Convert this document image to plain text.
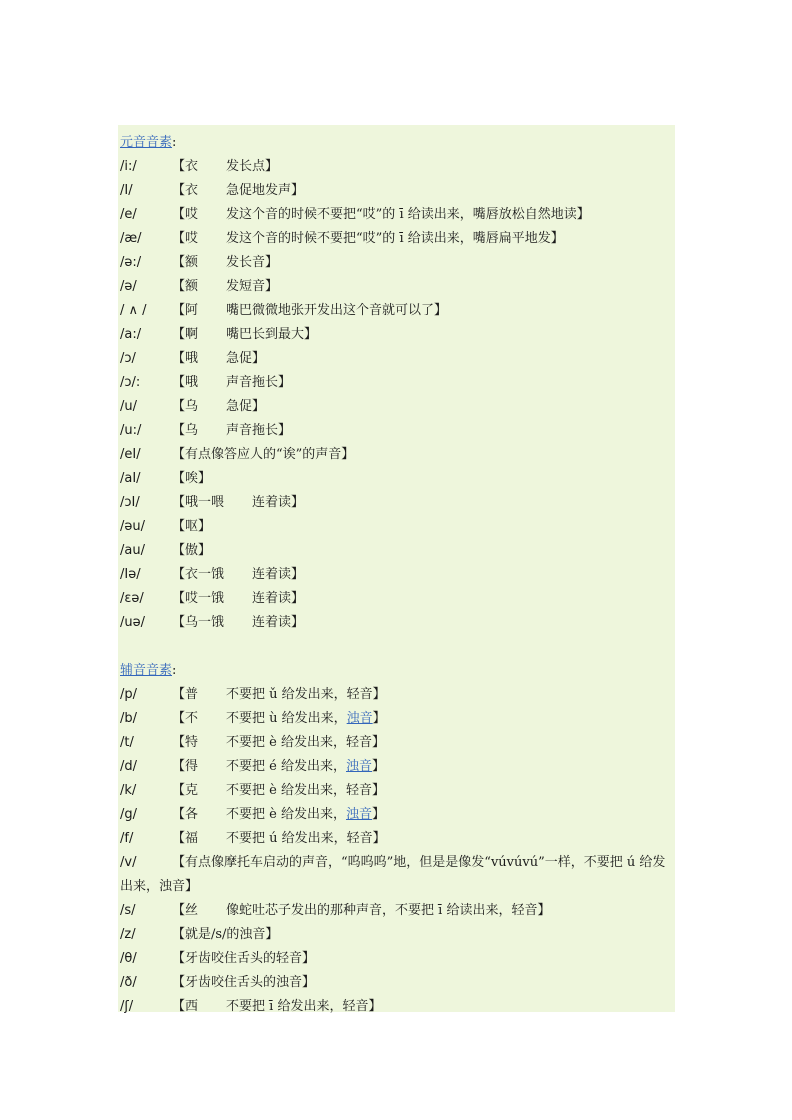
元音音素:
/i:/	【衣 发长点】
/I/	【衣 急促地发声】
/e/	【哎 发这个音的时候不要把“哎”的 ī 给读出来，嘴唇放松自然地读】
/æ/ 【哎 发这个音的时候不要把“哎”的 ī 给读出来，嘴唇扁平地发】
/ə:/ 【额 发长音】
/ə/	【额 发短音】
/ ∧ / 【阿 嘴巴微微地张开发出这个音就可以了】
/a:/ 【啊 嘴巴长到最大】
/ɔ/	【哦 急促】
/ɔ/: 【哦 声音拖长】
/u/	【乌 急促】
/u:/ 【乌 声音拖长】
/eI/ 【有点像答应人的“诶”的声音】
/aI/ 【唉】
/ɔI/ 【哦一喂 连着读】
/əu/ 【呕】
/au/ 【傲】
/Iə/ 【衣一饿 连着读】
/ɛə/ 【哎一饿 连着读】
/uə/ 【乌一饿 连着读】
辅音音素:
/p/	【普 不要把 ǔ 给发出来，轻音】
/b/	【不 不要把 ù 给发出来，浊音】
/t/	【特 不要把 è 给发出来，轻音】
/d/	【得 不要把 é 给发出来，浊音】
/k/	【克 不要把 è 给发出来，轻音】
/g/	【各 不要把 è 给发出来，浊音】
/f/	【福 不要把 ú 给发出来，轻音】
/v/	【有点像摩托车启动的声音，“呜呜呜”地，但是是像发“vúvúvú”一样，不要把 ú 给发出来，浊音】
/s/	【丝 像蛇吐芯子发出的那种声音，不要把 ī 给读出来，轻音】
/z/	【就是/s/的浊音】
/θ/	【牙齿咬住舌头的轻音】
/ð/	【牙齿咬住舌头的浊音】
/ʃ/	【西 不要把 ī 给发出来，轻音】
